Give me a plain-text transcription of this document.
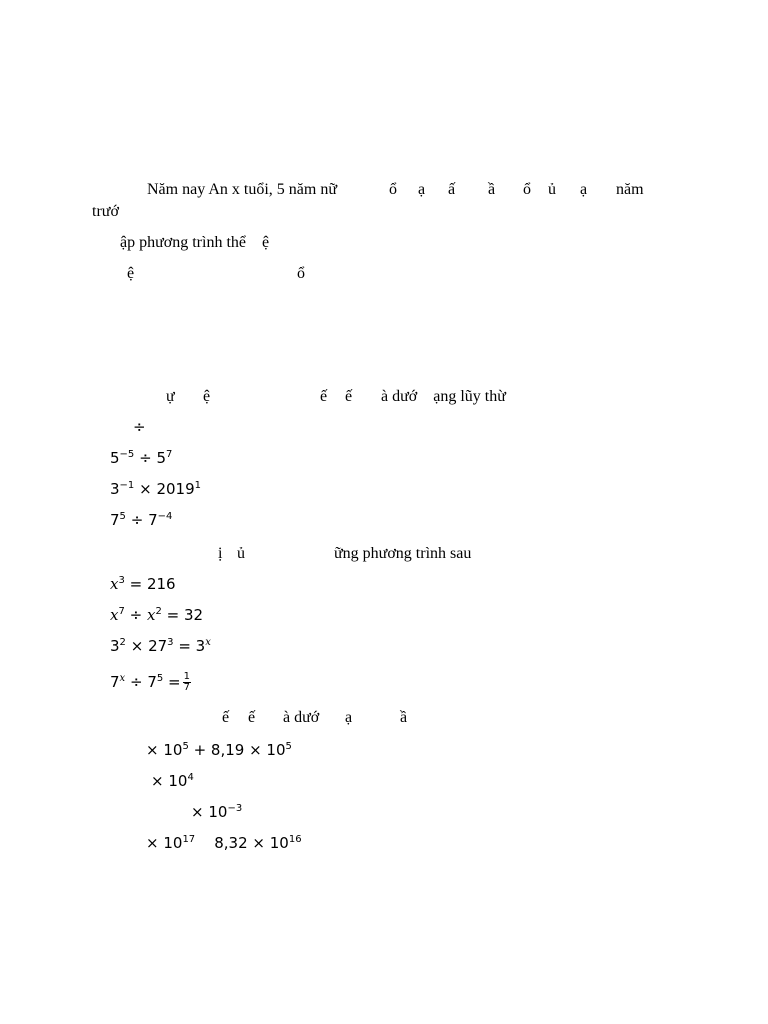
Năm nay An x tuổi, 5 năm nữ	ổ ạ ấ ầ ổ ủ ạ năm
trướ
ập phương trình thể    ệ
ệ	ổ
ự ệ	ế ế à dướ    ạng lũy thừ
÷
$5^{-5} \div 5^7$
$3^{-1} \times 2019^1$
$7^5 \div 7^{-4}$
ị ủ	ững phương trình sau
$x^3 = 216$
$x^7 \div x^2 = 32$
$3^2 \times 27^3 = 3^x$
$7^x \div 7^5 = \frac{1}{7}$
ế ế à dướ ạ	ầ
× $10^5 + 8,19 \times 10^5$
× $10^4$
× $10^{-3}$
× $10^{17}$    $8,32 \times 10^{16}$
